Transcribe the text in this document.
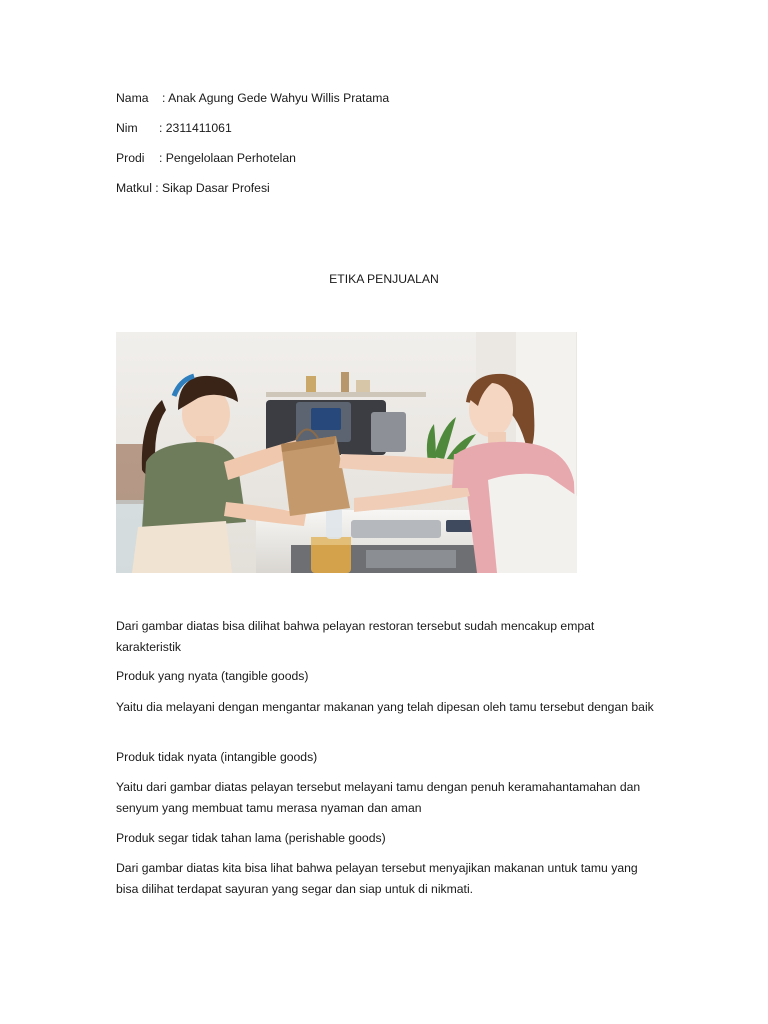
Nama : Anak Agung Gede Wahyu Willis Pratama
Nim : 2311411061
Prodi : Pengelolaan Perhotelan
Matkul : Sikap Dasar Profesi
ETIKA PENJUALAN
Dari gambar diatas bisa dilihat bahwa pelayan restoran tersebut sudah mencakup empat karakteristik
Produk yang nyata (tangible goods)
Yaitu dia melayani dengan mengantar makanan yang telah dipesan oleh tamu tersebut dengan baik
Produk tidak nyata (intangible goods)
Yaitu dari gambar diatas pelayan tersebut melayani tamu dengan penuh keramahantamahan dan senyum yang membuat tamu merasa nyaman dan aman
Produk segar tidak tahan lama (perishable goods)
Dari gambar diatas kita bisa lihat bahwa pelayan tersebut menyajikan makanan untuk tamu yang bisa dilihat terdapat sayuran yang segar dan siap untuk di nikmati.
